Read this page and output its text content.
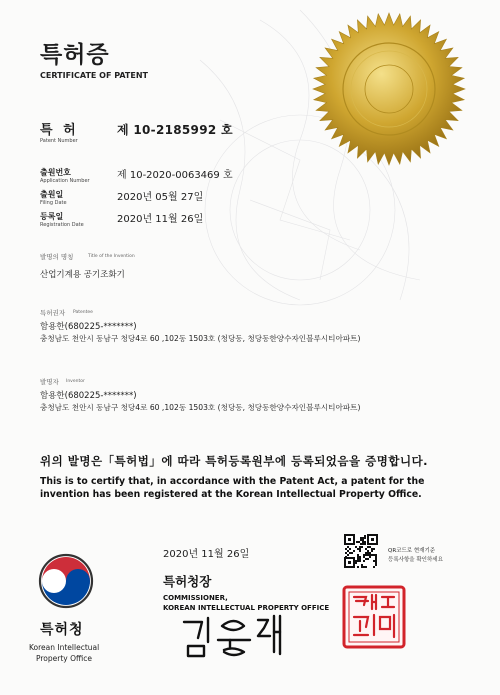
특허증
CERTIFICATE OF PATENT
특 허
Patent Number
제 10-2185992 호
출원번호
Application Number	제 10-2020-0063469 호
출원일
Filing Date	2020년 05월 27일
등록일
Registration Date	2020년 11월 26일
발명의 명칭	Title of the Invention
산업기계용 공기조화기
특허권자 Patentee
함용한(680225-*******)
충청남도 천안시 동남구 청당4로 60 ,102동 1503호 (청당동, 청당동한양수자인블루시티아파트)
발명자 Inventor
함용한(680225-*******)
충청남도 천안시 동남구 청당4로 60 ,102동 1503호 (청당동, 청당동한양수자인블루시티아파트)
위의 발명은「특허법」에 따라 특허등록원부에 등록되었음을 증명합니다.
This is to certify that, in accordance with the Patent Act, a patent for the
invention has been registered at the Korean Intellectual Property Office.
2020년 11월 26일
특허청장
COMMISSIONER,
KOREAN INTELLECTUAL PROPERTY OFFICE
특허청
Korean Intellectual
Property Office
QR코드로 현재기준
등록사항을 확인하세요
